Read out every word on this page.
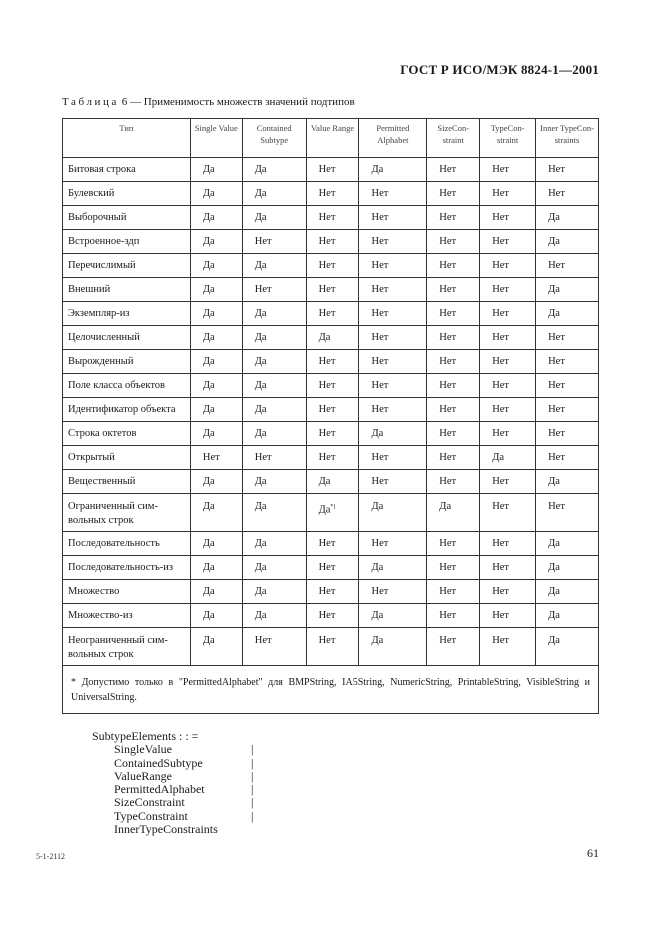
ГОСТ Р ИСО/МЭК 8824-1—2001
Таблица 6 — Применимость множеств значений подтипов
Тип	Single Value	Contained Subtype	Value Range	Permitted Alphabet	SizeCon-straint	TypeCon-straint	Inner TypeCon-straints
Битовая строка	Да	Да	Нет	Да	Нет	Нет	Нет
Булевский	Да	Да	Нет	Нет	Нет	Нет	Нет
Выборочный	Да	Да	Нет	Нет	Нет	Нет	Да
Встроенное-здп	Да	Нет	Нет	Нет	Нет	Нет	Да
Перечислимый	Да	Да	Нет	Нет	Нет	Нет	Нет
Внешний	Да	Нет	Нет	Нет	Нет	Нет	Да
Экземпляр-из	Да	Да	Нет	Нет	Нет	Нет	Да
Целочисленный	Да	Да	Да	Нет	Нет	Нет	Нет
Вырожденный	Да	Да	Нет	Нет	Нет	Нет	Нет
Поле класса объектов	Да	Да	Нет	Нет	Нет	Нет	Нет
Идентификатор объекта	Да	Да	Нет	Нет	Нет	Нет	Нет
Строка октетов	Да	Да	Нет	Да	Нет	Нет	Нет
Открытый	Нет	Нет	Нет	Нет	Нет	Да	Нет
Вещественный	Да	Да	Да	Нет	Нет	Нет	Да
Ограниченный сим-вольных строк	Да	Да	Да*)	Да	Да	Нет	Нет
Последовательность	Да	Да	Нет	Нет	Нет	Нет	Да
Последовательность-из	Да	Да	Нет	Да	Нет	Нет	Да
Множество	Да	Да	Нет	Нет	Нет	Нет	Да
Множество-из	Да	Да	Нет	Да	Нет	Нет	Да
Неограниченный сим-вольных строк	Да	Нет	Нет	Да	Нет	Нет	Да
* Допустимо только в "PermittedAlphabet" для BMPString, IA5String, NumericString, PrintableString, VisibleString и UniversalString.							
SubtypeElements : : =
SingleValue	|
ContainedSubtype	|
ValueRange	|
PermittedAlphabet	|
SizeConstraint	|
TypeConstraint	|
InnerTypeConstraints
5-1-2112	61
